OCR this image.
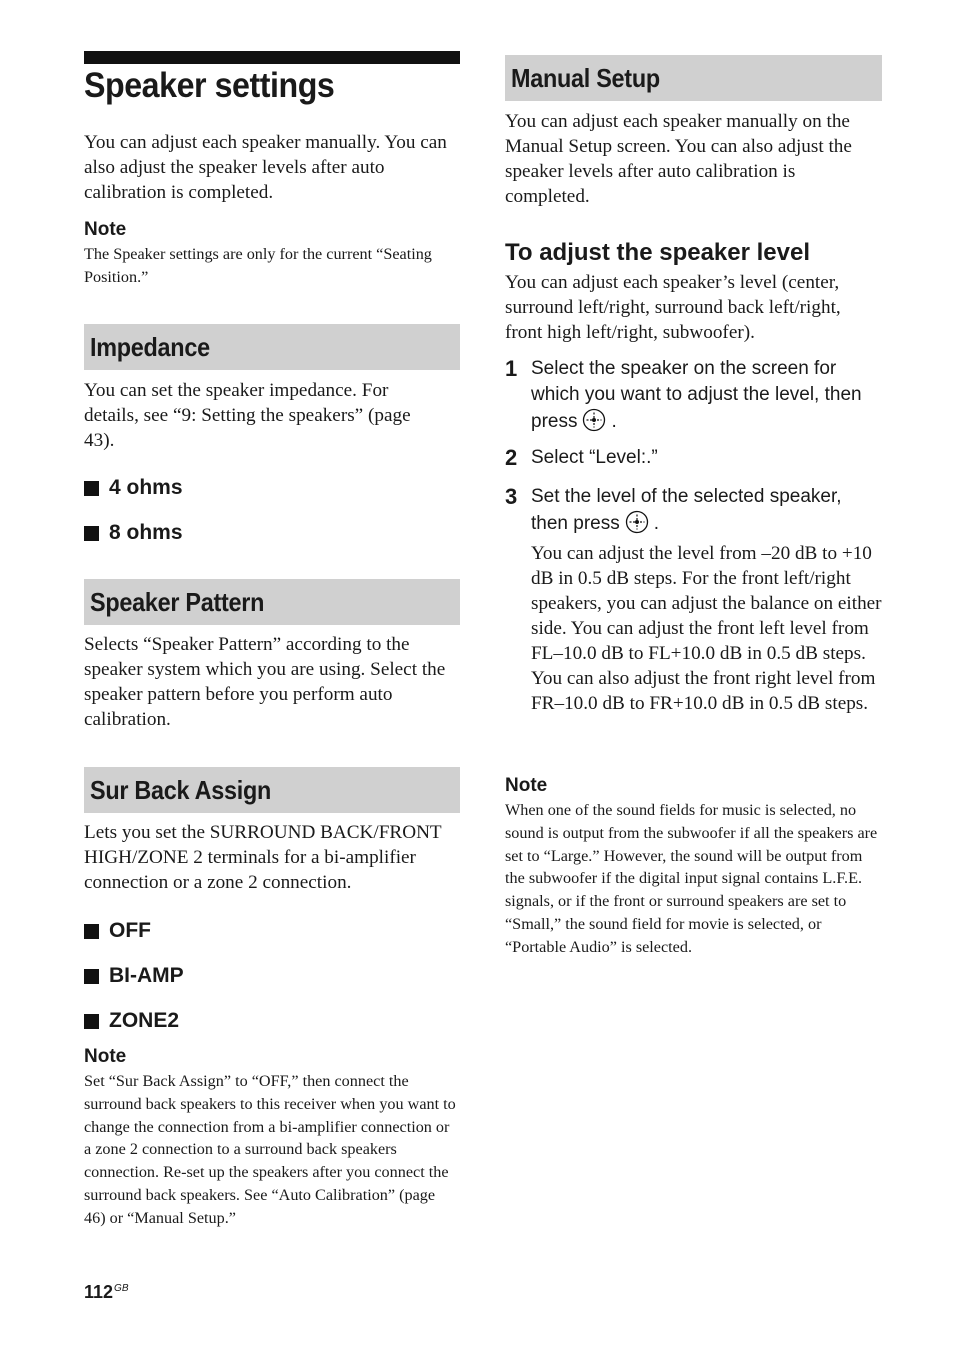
Speaker settings

You can adjust each speaker manually. You can also adjust the speaker levels after auto calibration is completed.

Note

The Speaker settings are only for the current “Seating Position.”

Impedance

You can set the speaker impedance. For details, see “9: Setting the speakers” (page 43).

4 ohms

8 ohms

Speaker Pattern

Selects “Speaker Pattern” according to the speaker system which you are using. Select the speaker pattern before you perform auto calibration.

Sur Back Assign

Lets you set the SURROUND BACK/FRONT HIGH/ZONE 2 terminals for a bi-amplifier connection or a zone 2 connection.

OFF

BI-AMP

ZONE2

Note

Set “Sur Back Assign” to “OFF,” then connect the surround back speakers to this receiver when you want to change the connection from a bi-amplifier connection or a zone 2 connection to a surround back speakers connection. Re-set up the speakers after you connect the surround back speakers. See “Auto Calibration” (page 46) or “Manual Setup.”

Manual Setup

You can adjust each speaker manually on the Manual Setup screen. You can also adjust the speaker levels after auto calibration is completed.

To adjust the speaker level

You can adjust each speaker’s level (center, surround left/right, surround back left/right, front high left/right, subwoofer).

1 Select the speaker on the screen for

which you want to adjust the level, then

press .

2 Select “Level:.”

3 Set the level of the selected speaker,

then press .

You can adjust the level from –20 dB to +10 dB in 0.5 dB steps. For the front left/right speakers, you can adjust the balance on either side. You can adjust the front left level from FL–10.0 dB to FL+10.0 dB in 0.5 dB steps. You can also adjust the front right level from FR–10.0 dB to FR+10.0 dB in 0.5 dB steps.

Note

When one of the sound fields for music is selected, no sound is output from the subwoofer if all the speakers are set to “Large.” However, the sound will be output from the subwoofer if the digital input signal contains L.F.E. signals, or if the front or surround speakers are set to “Small,” the sound field for movie is selected, or “Portable Audio” is selected.

$112^{GB}$
